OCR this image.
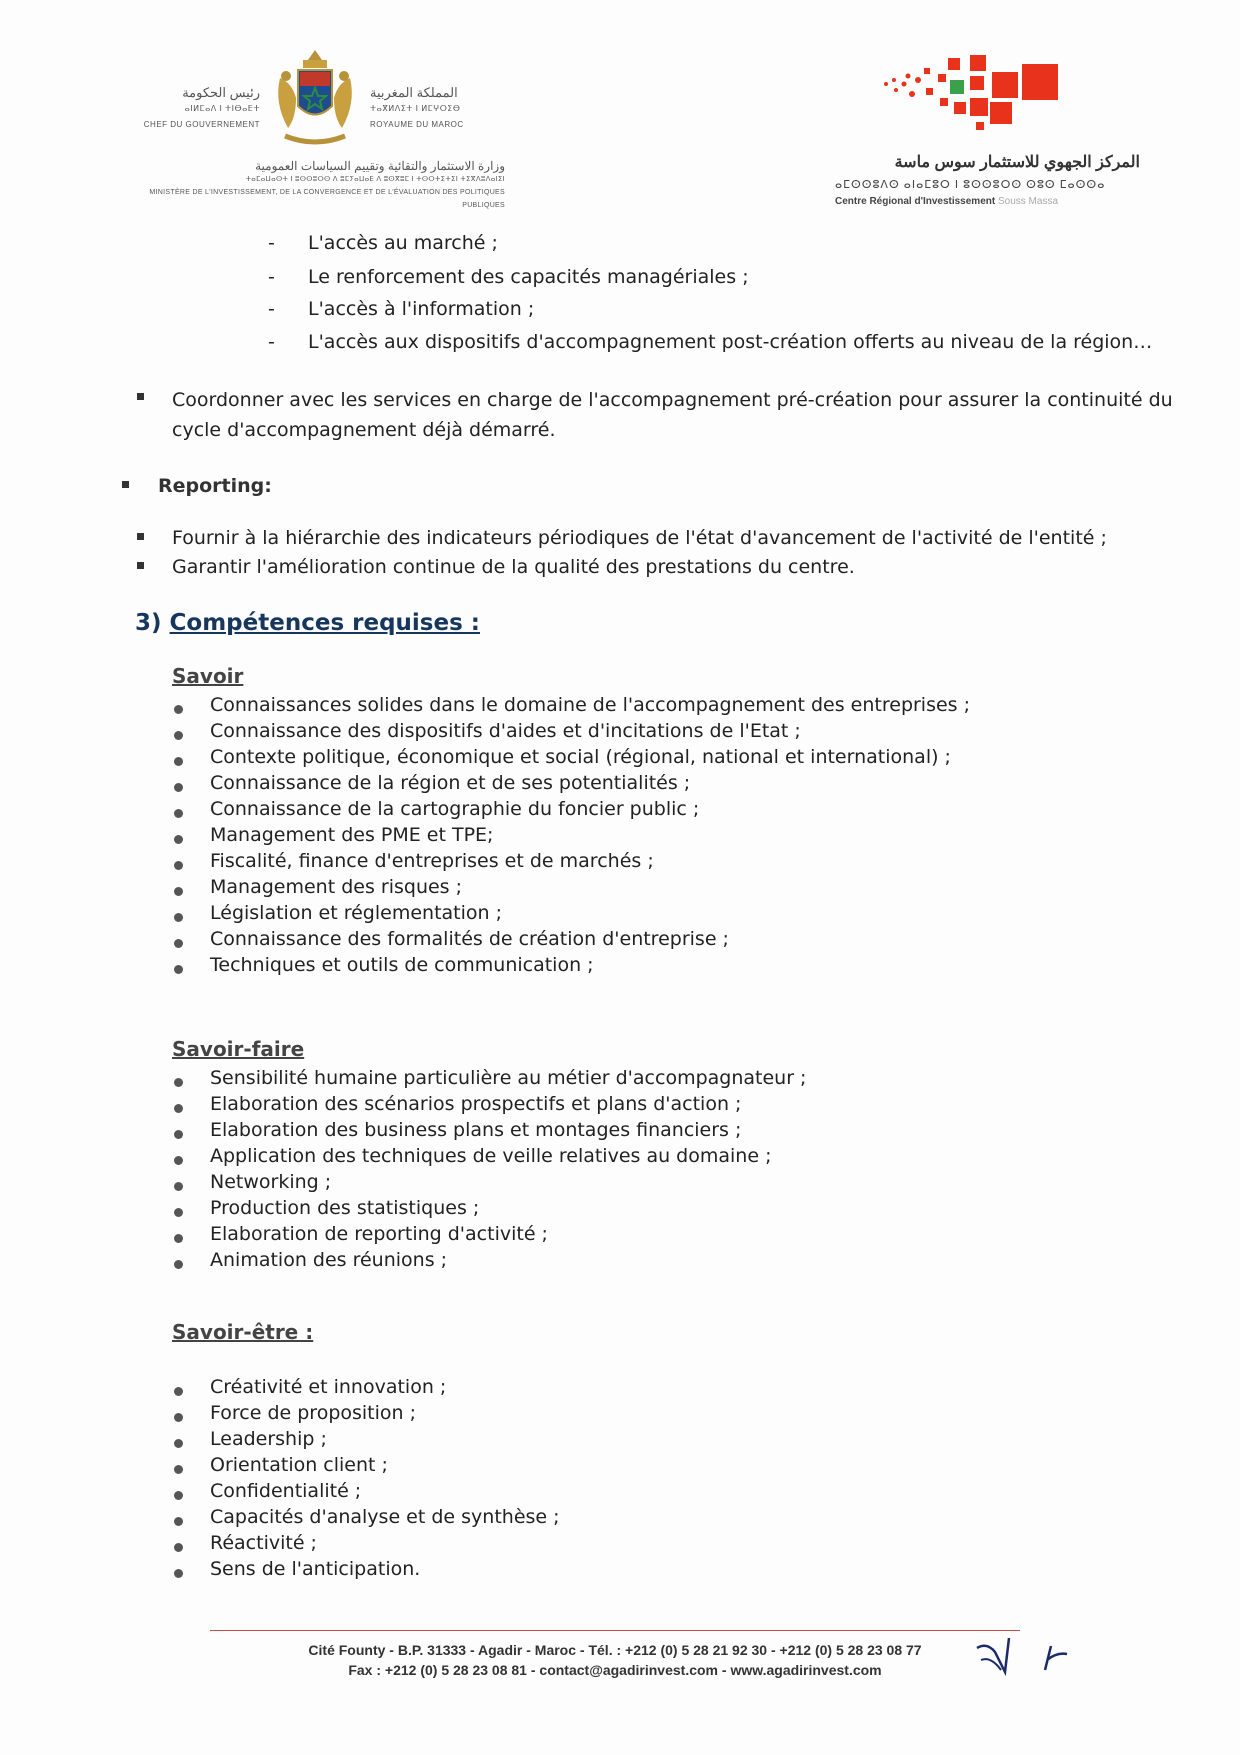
رئيس الحكومة
ⴰⵏⵍⵎⴰⴷ ⵏ ⵜⵏⴱⴰⴹⵜ
CHEF DU GOUVERNEMENT
المملكة المغربية
ⵜⴰⴳⵍⴷⵉⵜ ⵏ ⵍⵎⵖⵔⵉⴱ
ROYAUME DU MAROC
وزارة الاستثمار والتقائية وتقييم السياسات العمومية
ⵜⴰⵎⴰⵡⴰⵙⵜ ⵏ ⵓⵙⵙⵓⵔⵙ ⴷ ⵓⵎⵢⴰⵡⴰⴹ ⴷ ⵓⵙⴳⵓⵎ ⵏ ⵜⵙⵔⵜⵉⵜⵉⵏ ⵜⵉⴳⴷⵓⴷⴰⵏⵉⵏ
MINISTÈRE DE L'INVESTISSEMENT, DE LA CONVERGENCE ET DE L'ÉVALUATION DES POLITIQUES PUBLIQUES
المركز الجهوي للاستثمار سوس ماسة
ⴰⵎⵙⵙⵓⴷⵙ ⴰⵏⴰⵎⵓⵔ ⵏ ⵓⵙⵙⵓⵔⵙ ⵙⵓⵙ ⵎⴰⵙⵙⴰ
Centre Régional d'Investissement Souss Massa
- L'accès au marché ;
- Le renforcement des capacités managériales ;
- L'accès à l'information ;
- L'accès aux dispositifs d'accompagnement post-création offerts au niveau de la région…
Coordonner avec les services en charge de l'accompagnement pré-création pour assurer la continuité du
cycle d'accompagnement déjà démarré.
Reporting:
Fournir à la hiérarchie des indicateurs périodiques de l'état d'avancement de l'activité de l'entité ;
Garantir l'amélioration continue de la qualité des prestations du centre.
3) Compétences requises :
Savoir
Connaissances solides dans le domaine de l'accompagnement des entreprises ;
Connaissance des dispositifs d'aides et d'incitations de l'Etat ;
Contexte politique, économique et social (régional, national et international) ;
Connaissance de la région et de ses potentialités ;
Connaissance de la cartographie du foncier public ;
Management des PME et TPE;
Fiscalité, finance d'entreprises et de marchés ;
Management des risques ;
Législation et réglementation ;
Connaissance des formalités de création d'entreprise ;
Techniques et outils de communication ;
Savoir-faire
Sensibilité humaine particulière au métier d'accompagnateur ;
Elaboration des scénarios prospectifs et plans d'action ;
Elaboration des business plans et montages financiers ;
Application des techniques de veille relatives au domaine ;
Networking ;
Production des statistiques ;
Elaboration de reporting d'activité ;
Animation des réunions ;
Savoir-être :
Créativité et innovation ;
Force de proposition ;
Leadership ;
Orientation client ;
Confidentialité ;
Capacités d'analyse et de synthèse ;
Réactivité ;
Sens de l'anticipation.
Cité Founty - B.P. 31333 - Agadir - Maroc - Tél. : +212 (0) 5 28 21 92 30 - +212 (0) 5 28 23 08 77
Fax : +212 (0) 5 28 23 08 81 - contact@agadirinvest.com - www.agadirinvest.com
